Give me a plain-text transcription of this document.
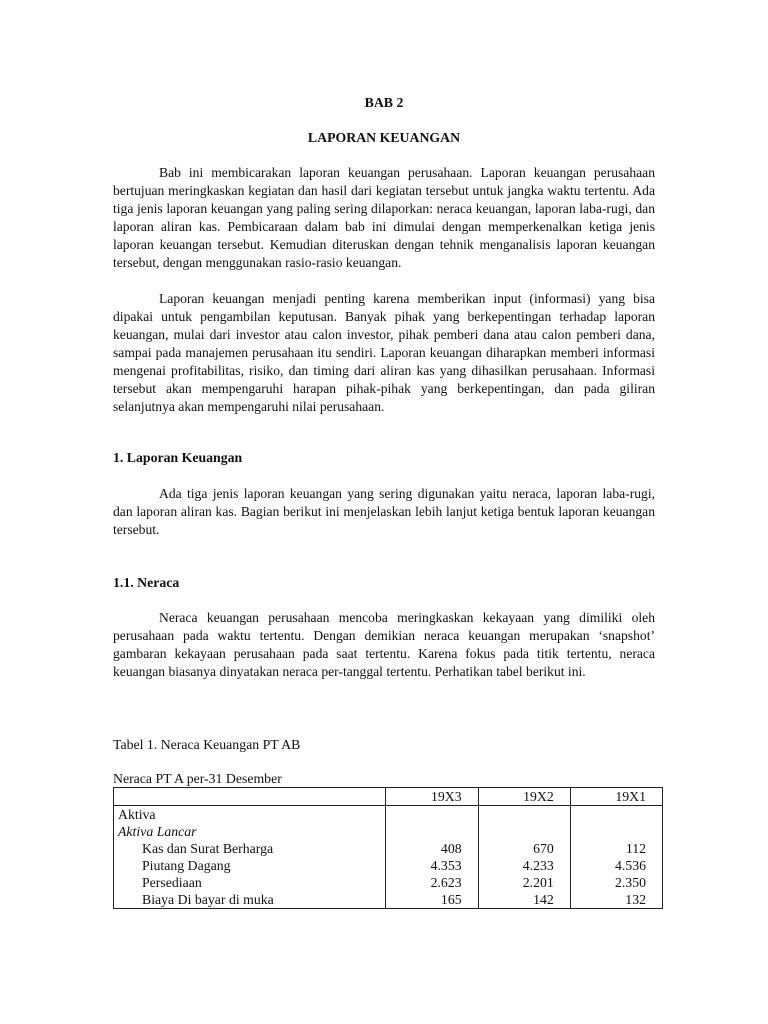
BAB 2
LAPORAN KEUANGAN

Bab ini membicarakan laporan keuangan perusahaan. Laporan keuangan perusahaan bertujuan meringkaskan kegiatan dan hasil dari kegiatan tersebut untuk jangka waktu tertentu. Ada tiga jenis laporan keuangan yang paling sering dilaporkan: neraca keuangan, laporan laba-rugi, dan laporan aliran kas. Pembicaraan dalam bab ini dimulai dengan memperkenalkan ketiga jenis laporan keuangan tersebut. Kemudian diteruskan dengan tehnik menganalisis laporan keuangan tersebut, dengan menggunakan rasio-rasio keuangan.

Laporan keuangan menjadi penting karena memberikan input (informasi) yang bisa dipakai untuk pengambilan keputusan. Banyak pihak yang berkepentingan terhadap laporan keuangan, mulai dari investor atau calon investor, pihak pemberi dana atau calon pemberi dana, sampai pada manajemen perusahaan itu sendiri. Laporan keuangan diharapkan memberi informasi mengenai profitabilitas, risiko, dan timing dari aliran kas yang dihasilkan perusahaan. Informasi tersebut akan mempengaruhi harapan pihak-pihak yang berkepentingan, dan pada giliran selanjutnya akan mempengaruhi nilai perusahaan.

1. Laporan Keuangan

Ada tiga jenis laporan keuangan yang sering digunakan yaitu neraca, laporan laba-rugi, dan laporan aliran kas. Bagian berikut ini menjelaskan lebih lanjut ketiga bentuk laporan keuangan tersebut.

1.1. Neraca

Neraca keuangan perusahaan mencoba meringkaskan kekayaan yang dimiliki oleh perusahaan pada waktu tertentu. Dengan demikian neraca keuangan merupakan ‘snapshot’ gambaran kekayaan perusahaan pada saat tertentu. Karena fokus pada titik tertentu, neraca keuangan biasanya dinyatakan neraca per-tanggal tertentu. Perhatikan tabel berikut ini.

Tabel 1. Neraca Keuangan PT AB
Neraca PT A per-31 Desember
	19X3	19X2	19X1
Aktiva			
Aktiva Lancar			
Kas dan Surat Berharga	408	670	112
Piutang Dagang	4.353	4.233	4.536
Persediaan	2.623	2.201	2.350
Biaya Di bayar di muka	165	142	132
